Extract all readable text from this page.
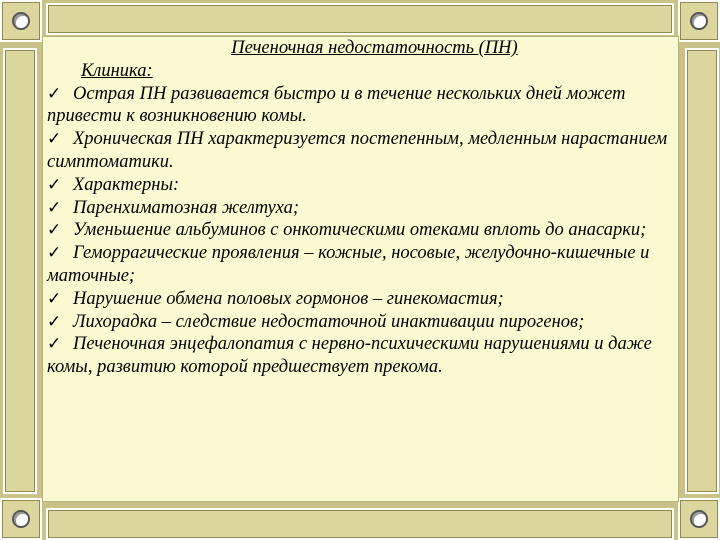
Печеночная недостаточность (ПН)
Клиника:
✓ Острая ПН развивается быстро и в течение нескольких дней может привести к возникновению комы.
✓ Хроническая ПН характеризуется постепенным, медленным нарастанием симптоматики.
✓ Характерны:
✓ Паренхиматозная желтуха;
✓ Уменьшение альбуминов с онкотическими отеками вплоть до анасарки;
✓ Геморрагические проявления – кожные, носовые, желудочно-кишечные и маточные;
✓ Нарушение обмена половых гормонов – гинекомастия;
✓ Лихорадка – следствие недостаточной инактивации пирогенов;
✓ Печеночная энцефалопатия с нервно-психическими нарушениями и даже комы, развитию которой предшествует прекома.
